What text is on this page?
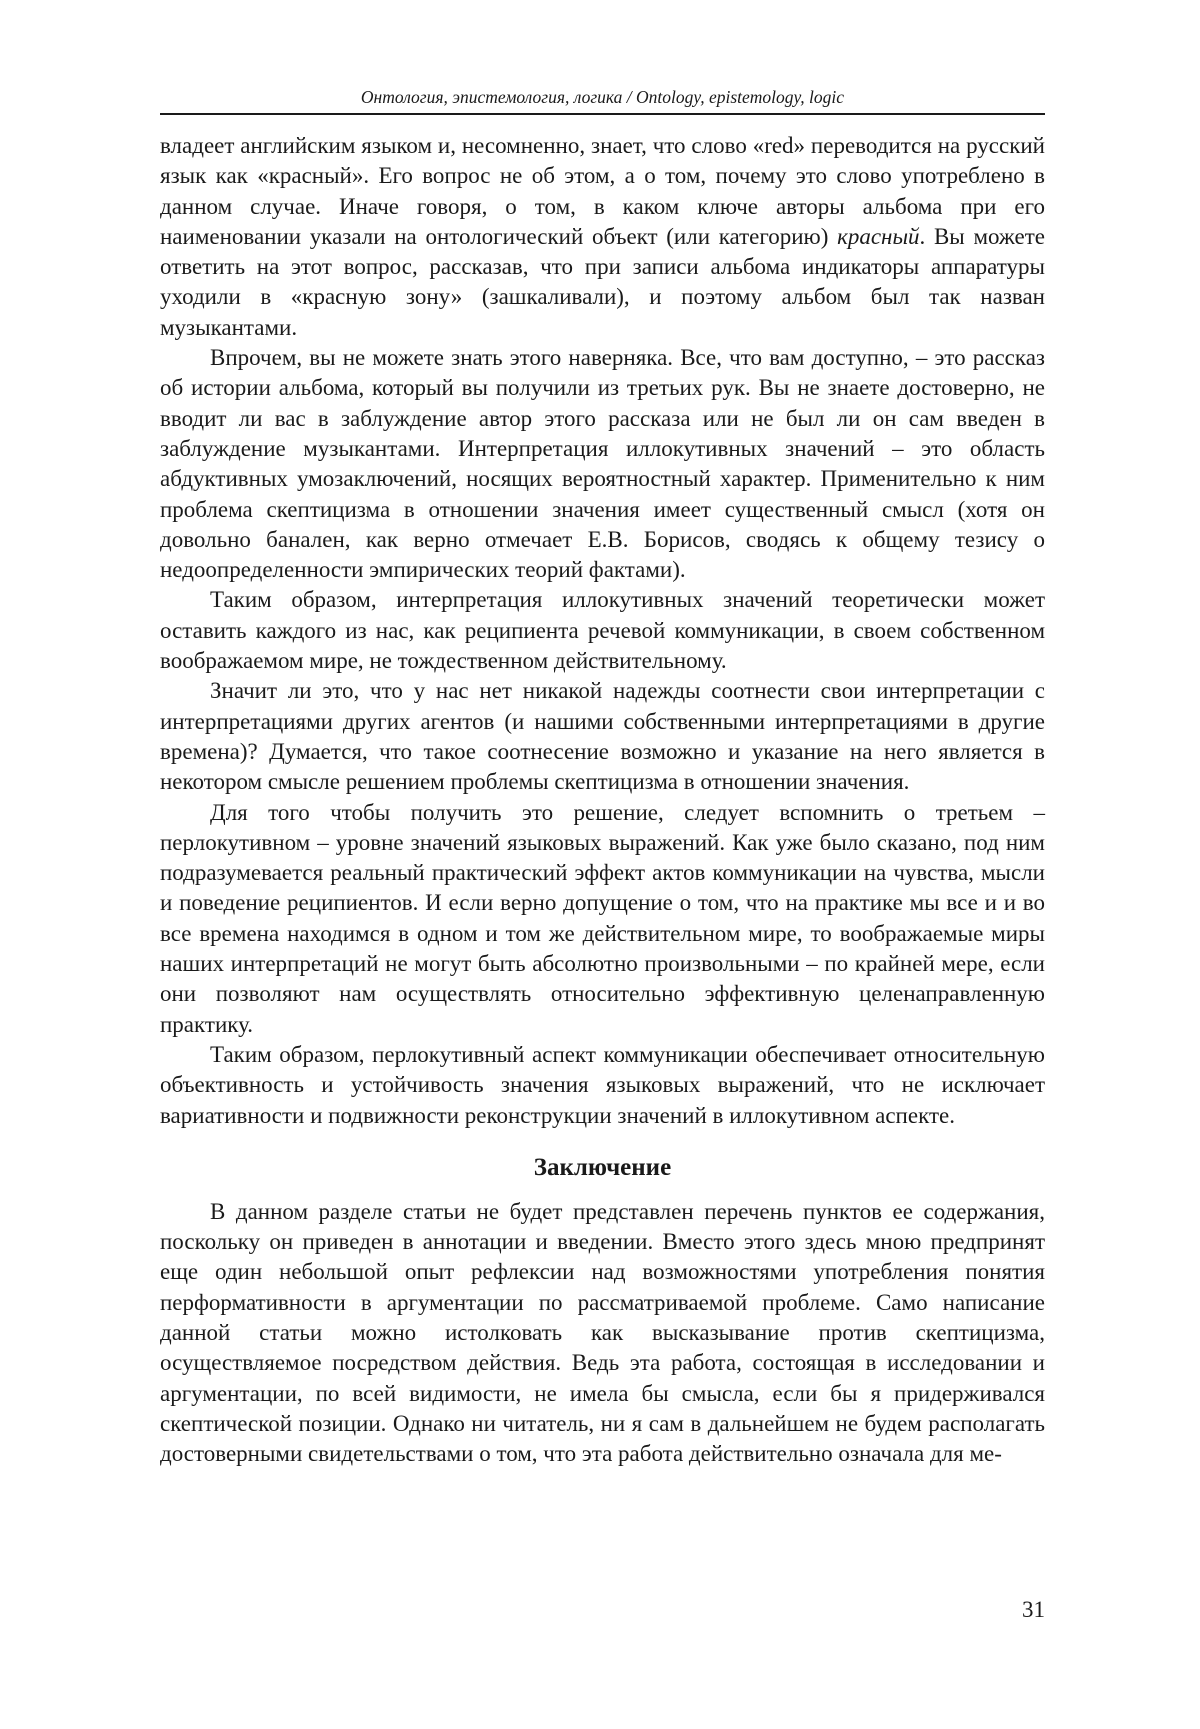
Онтология, эпистемология, логика / Ontology, epistemology, logic

владеет английским языком и, несомненно, знает, что слово «red» переводится на русский язык как «красный». Его вопрос не об этом, а о том, почему это слово употреблено в данном случае. Иначе говоря, о том, в каком ключе авторы альбома при его наименовании указали на онтологический объект (или категорию) красный. Вы можете ответить на этот вопрос, рассказав, что при записи альбома индикаторы аппаратуры уходили в «красную зону» (зашкаливали), и поэтому альбом был так назван музыкантами.

Впрочем, вы не можете знать этого наверняка. Все, что вам доступно, – это рассказ об истории альбома, который вы получили из третьих рук. Вы не знаете достоверно, не вводит ли вас в заблуждение автор этого рассказа или не был ли он сам введен в заблуждение музыкантами. Интерпретация иллокутивных значений – это область абдуктивных умозаключений, носящих вероятностный характер. Применительно к ним проблема скептицизма в отношении значения имеет существенный смысл (хотя он довольно банален, как верно отмечает Е.В. Борисов, сводясь к общему тезису о недоопределенности эмпирических теорий фактами).

Таким образом, интерпретация иллокутивных значений теоретически может оставить каждого из нас, как реципиента речевой коммуникации, в своем собственном воображаемом мире, не тождественном действительному.

Значит ли это, что у нас нет никакой надежды соотнести свои интерпретации с интерпретациями других агентов (и нашими собственными интерпретациями в другие времена)? Думается, что такое соотнесение возможно и указание на него является в некотором смысле решением проблемы скептицизма в отношении значения.

Для того чтобы получить это решение, следует вспомнить о третьем – перлокутивном – уровне значений языковых выражений. Как уже было сказано, под ним подразумевается реальный практический эффект актов коммуникации на чувства, мысли и поведение реципиентов. И если верно допущение о том, что на практике мы все и и во все времена находимся в одном и том же действительном мире, то воображаемые миры наших интерпретаций не могут быть абсолютно произвольными – по крайней мере, если они позволяют нам осуществлять относительно эффективную целенаправленную практику.

Таким образом, перлокутивный аспект коммуникации обеспечивает относительную объективность и устойчивость значения языковых выражений, что не исключает вариативности и подвижности реконструкции значений в иллокутивном аспекте.

Заключение

В данном разделе статьи не будет представлен перечень пунктов ее содержания, поскольку он приведен в аннотации и введении. Вместо этого здесь мною предпринят еще один небольшой опыт рефлексии над возможностями употребления понятия перформативности в аргументации по рассматриваемой проблеме. Само написание данной статьи можно истолковать как высказывание против скептицизма, осуществляемое посредством действия. Ведь эта работа, состоящая в исследовании и аргументации, по всей видимости, не имела бы смысла, если бы я придерживался скептической позиции. Однако ни читатель, ни я сам в дальнейшем не будем располагать достоверными свидетельствами о том, что эта работа действительно означала для ме-

31
